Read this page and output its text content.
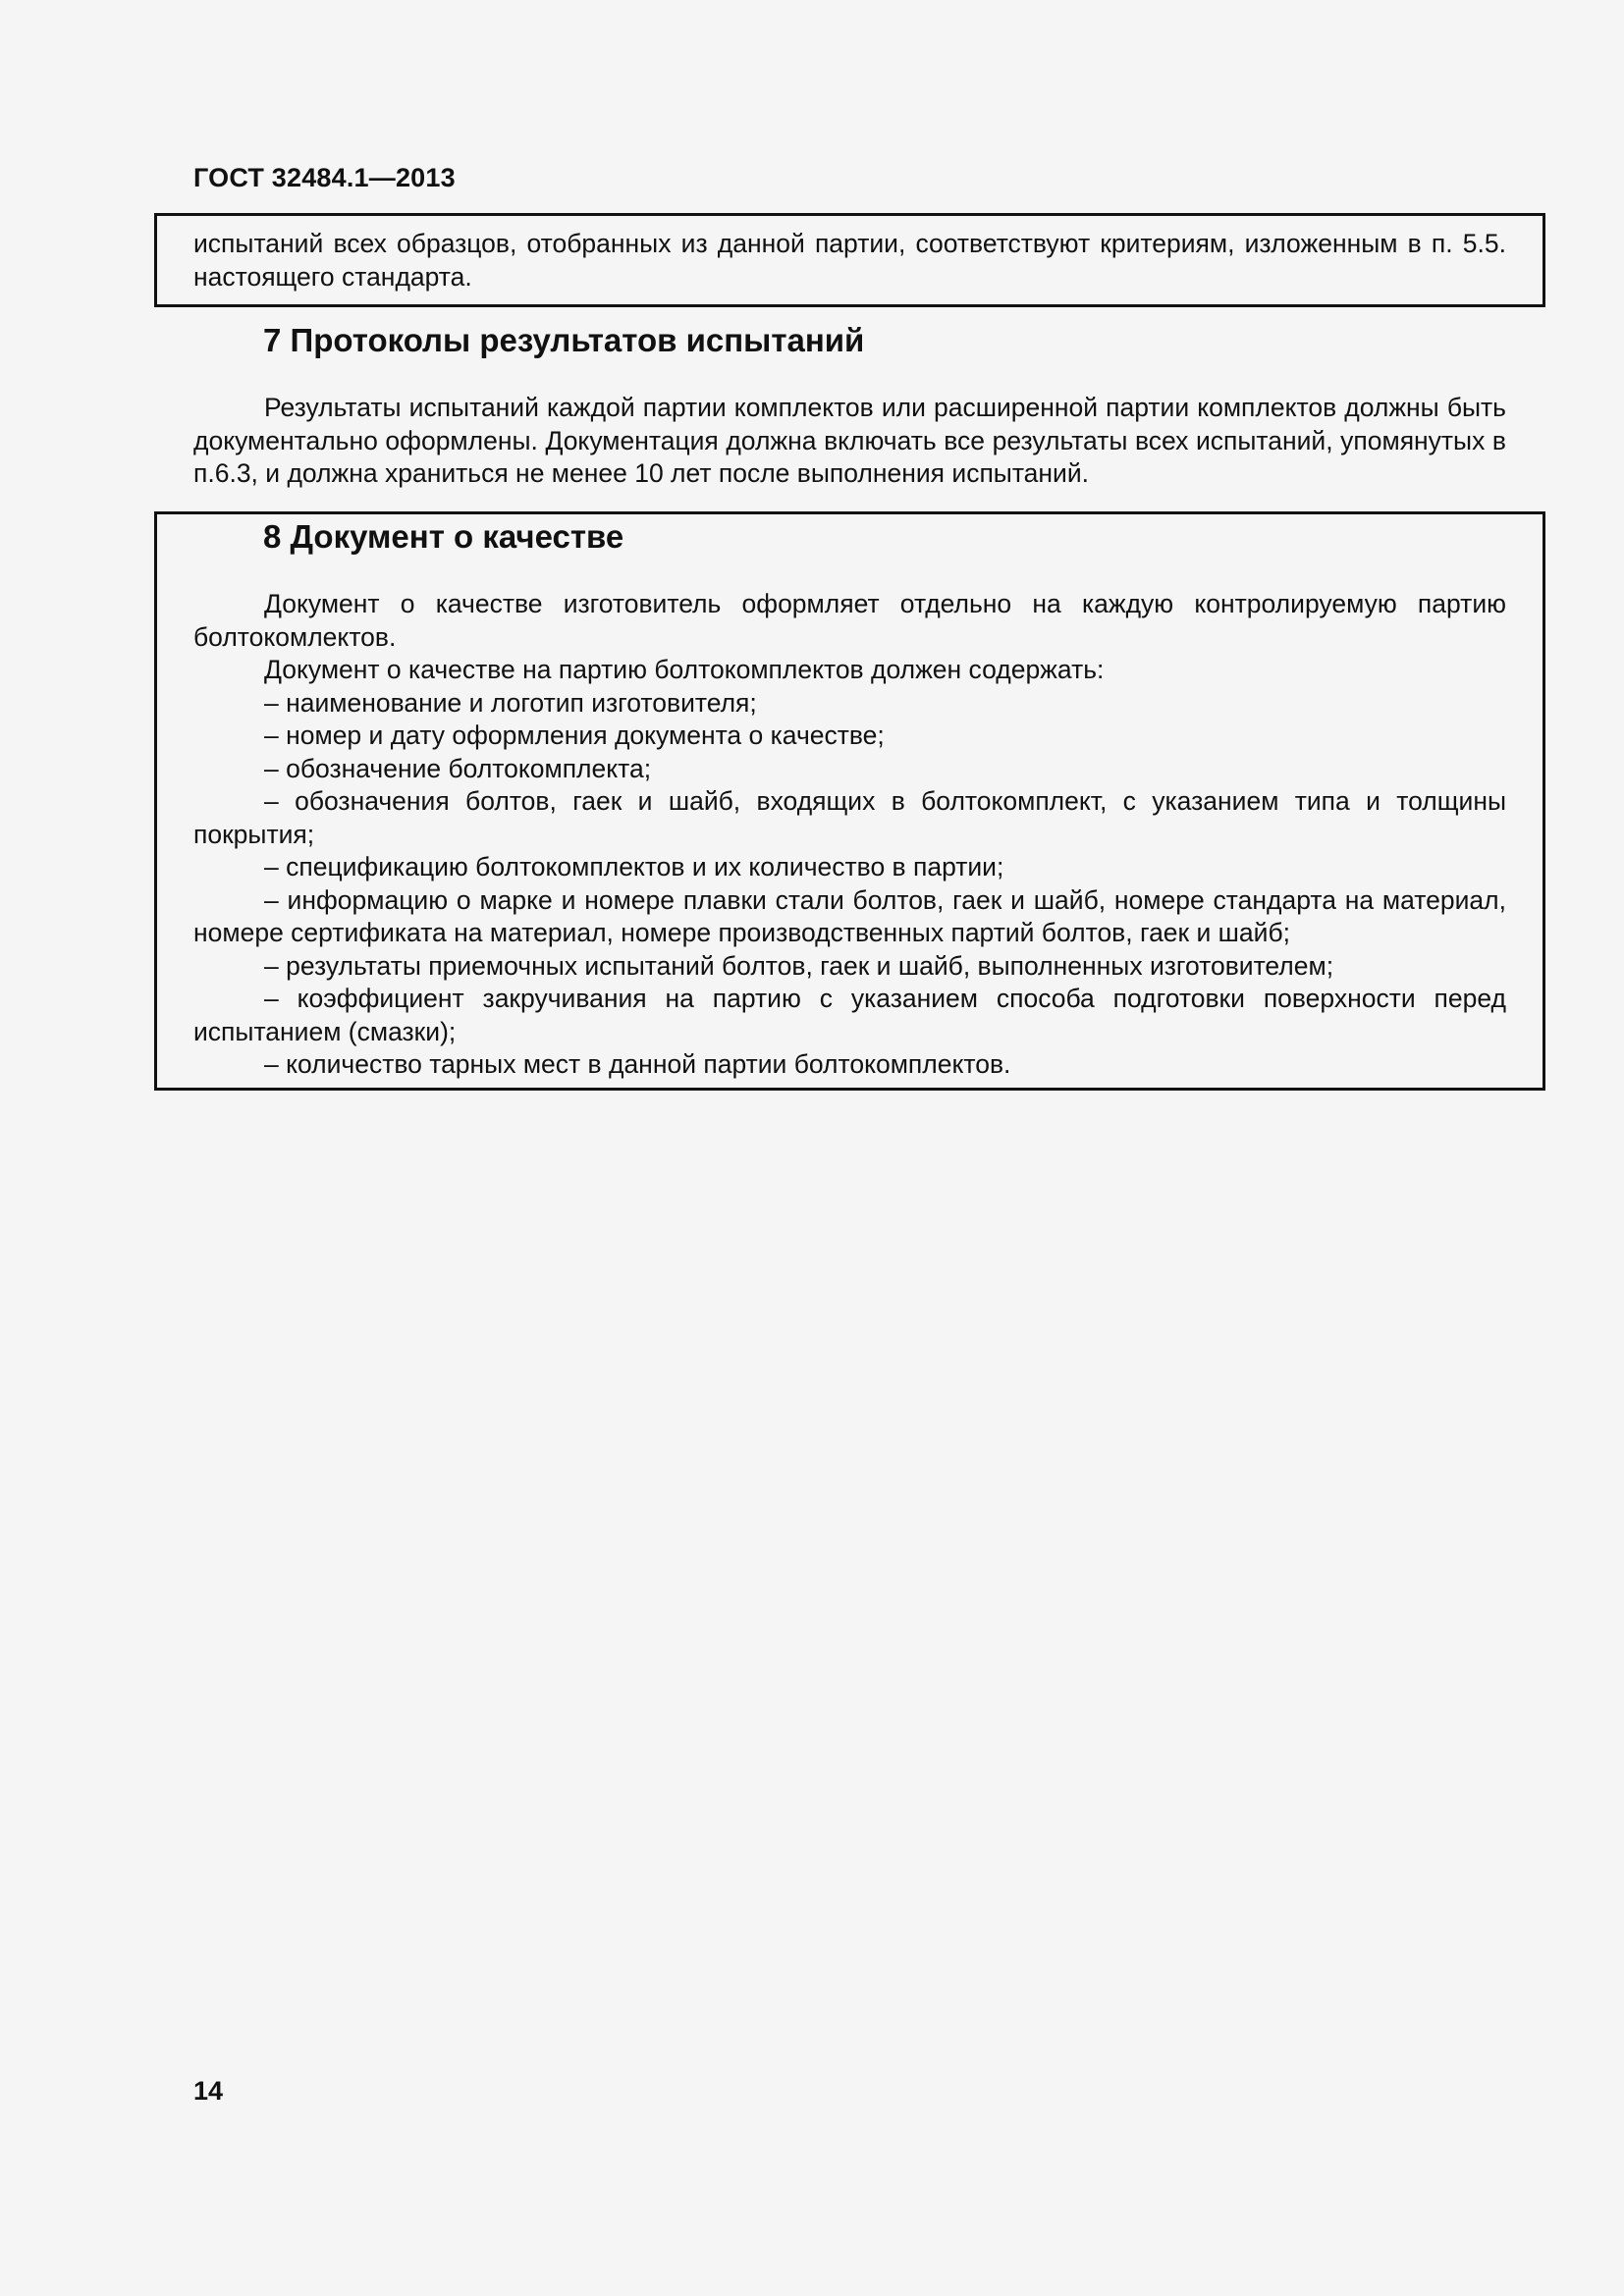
ГОСТ 32484.1—2013

испытаний всех образцов, отобранных из данной партии, соответствуют критериям, изложенным в п. 5.5. настоящего стандарта.

7 Протоколы результатов испытаний

Результаты испытаний каждой партии комплектов или расширенной партии комплектов должны быть документально оформлены. Документация должна включать все результаты всех испытаний, упомянутых в п.6.3, и должна храниться не менее 10 лет после выполнения испытаний.

8 Документ о качестве

Документ о качестве изготовитель оформляет отдельно на каждую контролируемую партию болтокомлектов.

Документ о качестве на партию болтокомплектов должен содержать:

– наименование и логотип изготовителя;

– номер и дату оформления документа о качестве;

– обозначение болтокомплекта;

– обозначения болтов, гаек и шайб, входящих в болтокомплект, с указанием типа и толщины покрытия;

– спецификацию болтокомплектов и их количество в партии;

– информацию о марке и номере плавки стали болтов, гаек и шайб, номере стандарта на материал, номере сертификата на материал, номере производственных партий болтов, гаек и шайб;

– результаты приемочных испытаний болтов, гаек и шайб, выполненных изготовителем;

– коэффициент закручивания на партию с указанием способа подготовки поверхности перед испытанием (смазки);

– количество тарных мест в данной партии болтокомплектов.

14
